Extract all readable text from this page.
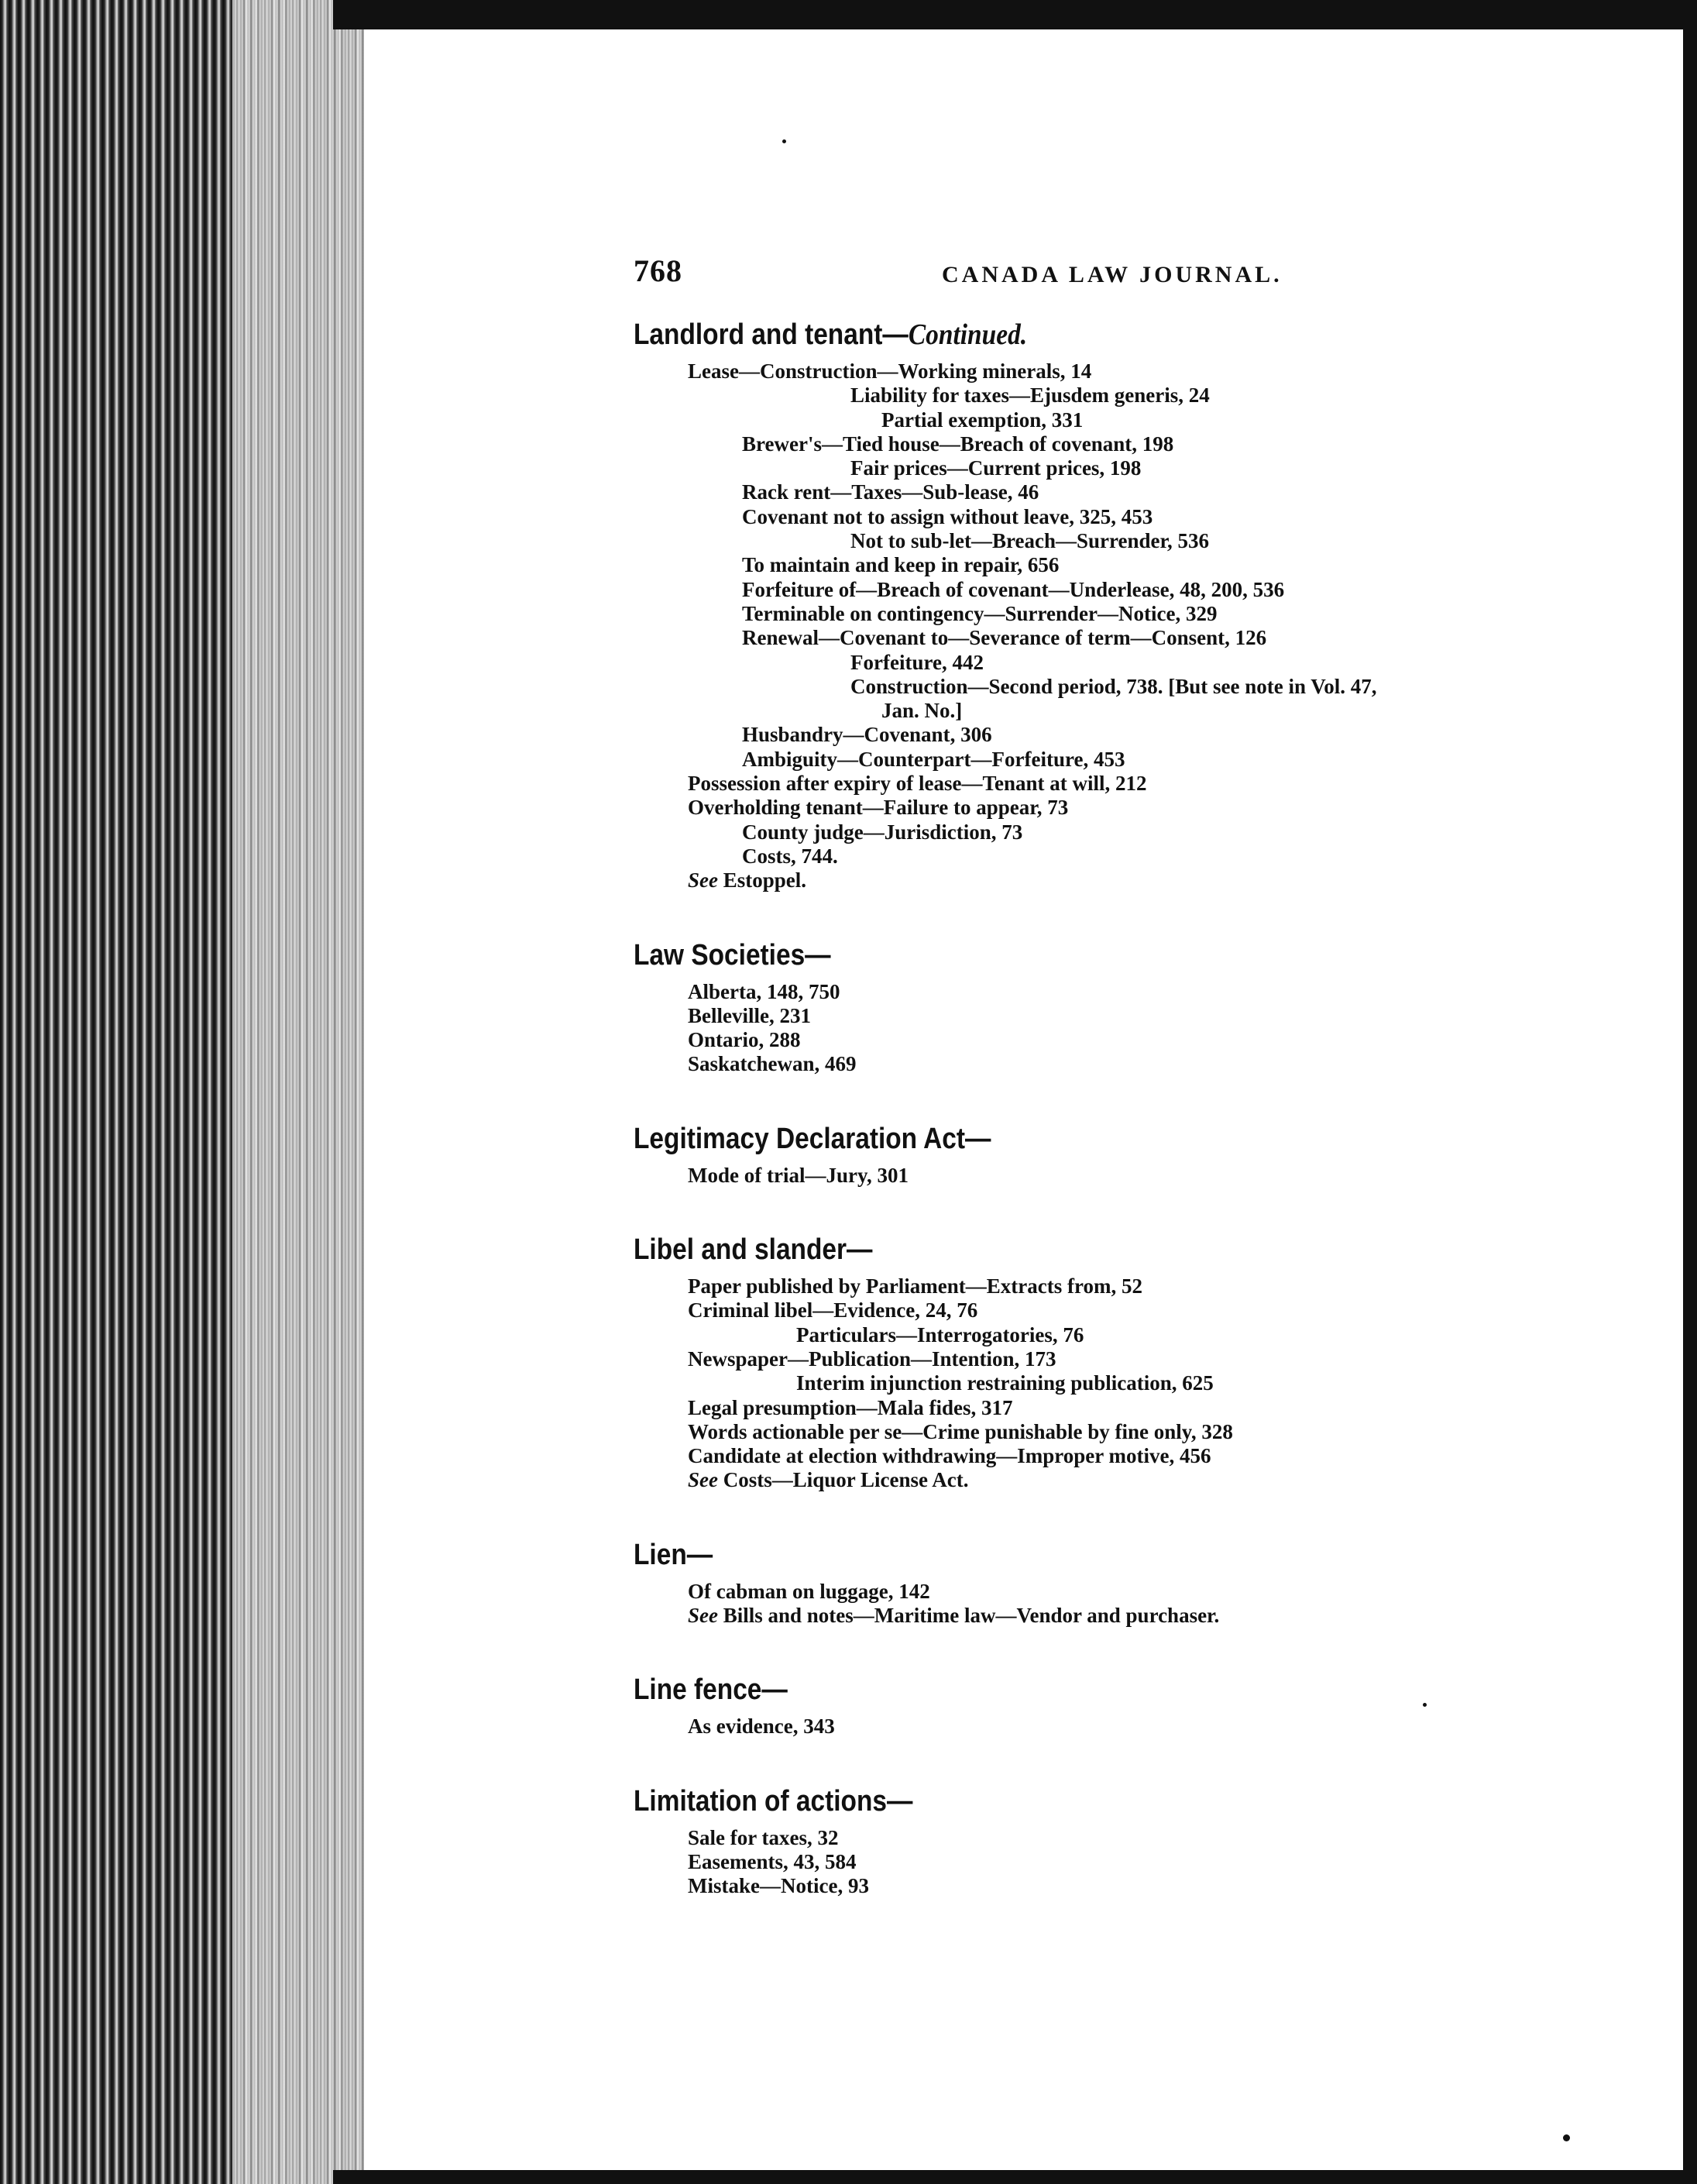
768	CANADA LAW JOURNAL.
Landlord and tenant—Continued.
Lease—Construction—Working minerals, 14
Liability for taxes—Ejusdem generis, 24
Partial exemption, 331
Brewer's—Tied house—Breach of covenant, 198
Fair prices—Current prices, 198
Rack rent—Taxes—Sub-lease, 46
Covenant not to assign without leave, 325, 453
Not to sub-let—Breach—Surrender, 536
To maintain and keep in repair, 656
Forfeiture of—Breach of covenant—Underlease, 48, 200, 536
Terminable on contingency—Surrender—Notice, 329
Renewal—Covenant to—Severance of term—Consent, 126
Forfeiture, 442
Construction—Second period, 738. [But see note in Vol. 47,
Jan. No.]
Husbandry—Covenant, 306
Ambiguity—Counterpart—Forfeiture, 453
Possession after expiry of lease—Tenant at will, 212
Overholding tenant—Failure to appear, 73
County judge—Jurisdiction, 73
Costs, 744.
See Estoppel.
Law Societies—
Alberta, 148, 750
Belleville, 231
Ontario, 288
Saskatchewan, 469
Legitimacy Declaration Act—
Mode of trial—Jury, 301
Libel and slander—
Paper published by Parliament—Extracts from, 52
Criminal libel—Evidence, 24, 76
Particulars—Interrogatories, 76
Newspaper—Publication—Intention, 173
Interim injunction restraining publication, 625
Legal presumption—Mala fides, 317
Words actionable per se—Crime punishable by fine only, 328
Candidate at election withdrawing—Improper motive, 456
See Costs—Liquor License Act.
Lien—
Of cabman on luggage, 142
See Bills and notes—Maritime law—Vendor and purchaser.
Line fence—
As evidence, 343
Limitation of actions—
Sale for taxes, 32
Easements, 43, 584
Mistake—Notice, 93
